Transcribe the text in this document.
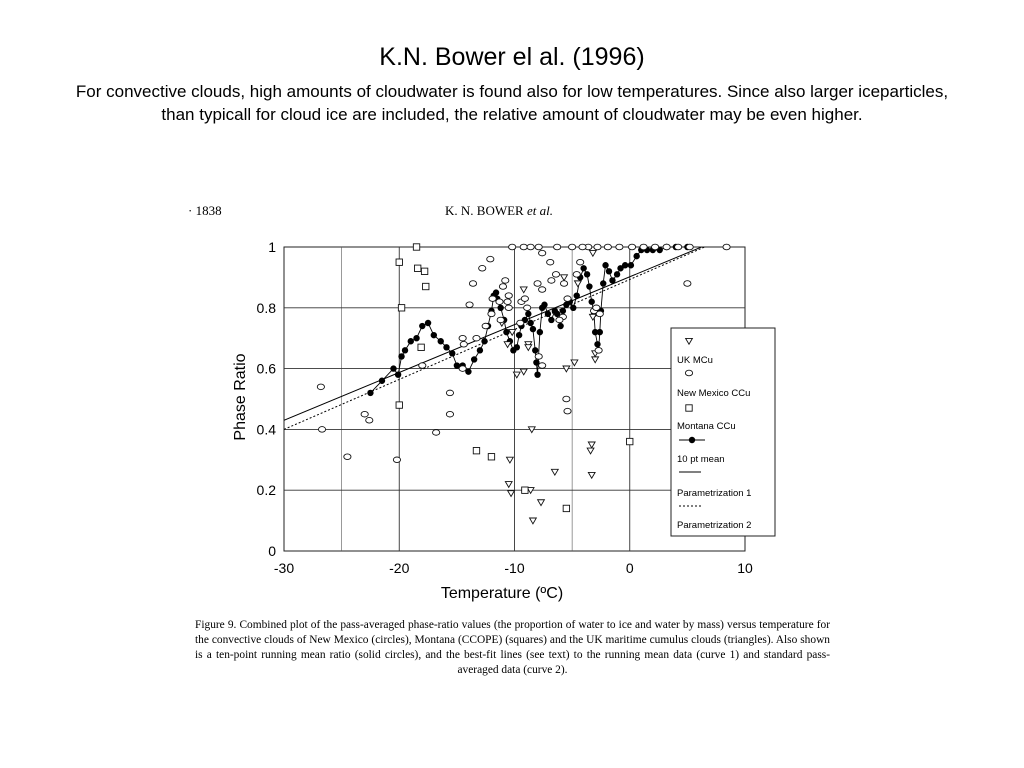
K.N. Bower el al. (1996)
For convective clouds, high amounts of cloudwater is found also for low temperatures. Since also larger iceparticles, than typicall for cloud ice are included, the relative amount of cloudwater may be even higher.
· 1838	K. N. BOWER et al.
-30	-20	-10	0	10
0
0.2
0.4
0.6
0.8
1
Temperature (ºC)
Phase Ratio	UK MCu
New Mexico CCu
Montana CCu
10 pt mean
Parametrization 1
Parametrization 2
Figure 9. Combined plot of the pass-averaged phase-ratio values (the proportion of water to ice and water by mass) versus temperature for the convective clouds of New Mexico (circles), Montana (CCOPE) (squares) and the UK maritime cumulus clouds (triangles). Also shown is a ten-point running mean ratio (solid circles), and the best-fit lines (see text) to the running mean data (curve 1) and standard pass-averaged data (curve 2).
